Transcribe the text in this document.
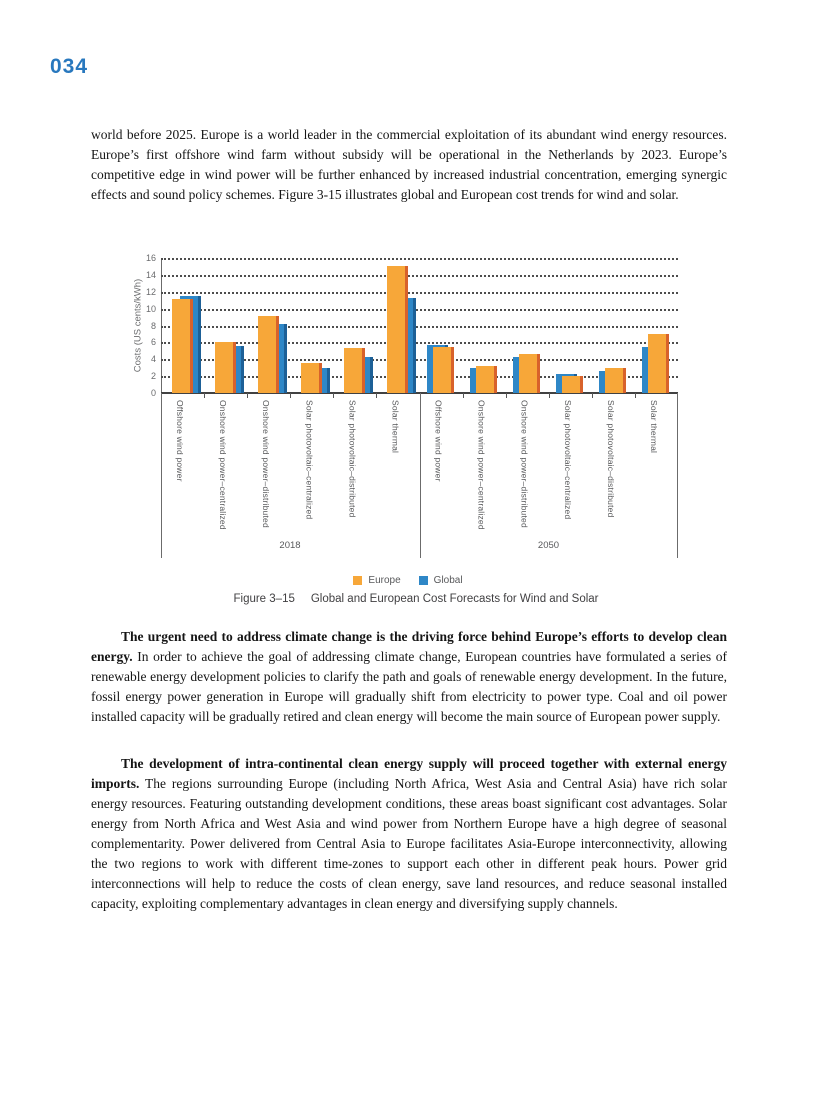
034

world before 2025. Europe is a world leader in the commercial exploitation of its abundant wind energy resources. Europe’s first offshore wind farm without subsidy will be operational in the Netherlands by 2023. Europe’s competitive edge in wind power will be further enhanced by increased industrial concentration, emerging synergic effects and sound policy schemes. Figure 3-15 illustrates global and European cost trends for wind and solar.

Costs (US cents/kWh)
Offshore wind power	Onshore wind power–centralized	Onshore wind power–distributed	Solar photovoltaic–centralized	Solar photovoltaic–distributed	Solar thermal
2018
Offshore wind power	Onshore wind power–centralized	Onshore wind power–distributed	Solar photovoltaic–centralized	Solar photovoltaic–distributed	Solar thermal
2050
0
2
4
6
8
10
12
14
16
Europe	Global
Figure 3–15 Global and European Cost Forecasts for Wind and Solar

The urgent need to address climate change is the driving force behind Europe’s efforts to develop clean energy. In order to achieve the goal of addressing climate change, European countries have formulated a series of renewable energy development policies to clarify the path and goals of renewable energy development. In the future, fossil energy power generation in Europe will gradually shift from electricity to power type. Coal and oil power installed capacity will be gradually retired and clean energy will become the main source of European power supply.

The development of intra-continental clean energy supply will proceed together with external energy imports. The regions surrounding Europe (including North Africa, West Asia and Central Asia) have rich solar energy resources. Featuring outstanding development conditions, these areas boast significant cost advantages. Solar energy from North Africa and West Asia and wind power from Northern Europe have a high degree of seasonal complementarity. Power delivered from Central Asia to Europe facilitates Asia-Europe interconnectivity, allowing the two regions to work with different time-zones to support each other in different peak hours. Power grid interconnections will help to reduce the costs of clean energy, save land resources, and reduce seasonal installed capacity, exploiting complementary advantages in clean energy and diversifying supply channels.
